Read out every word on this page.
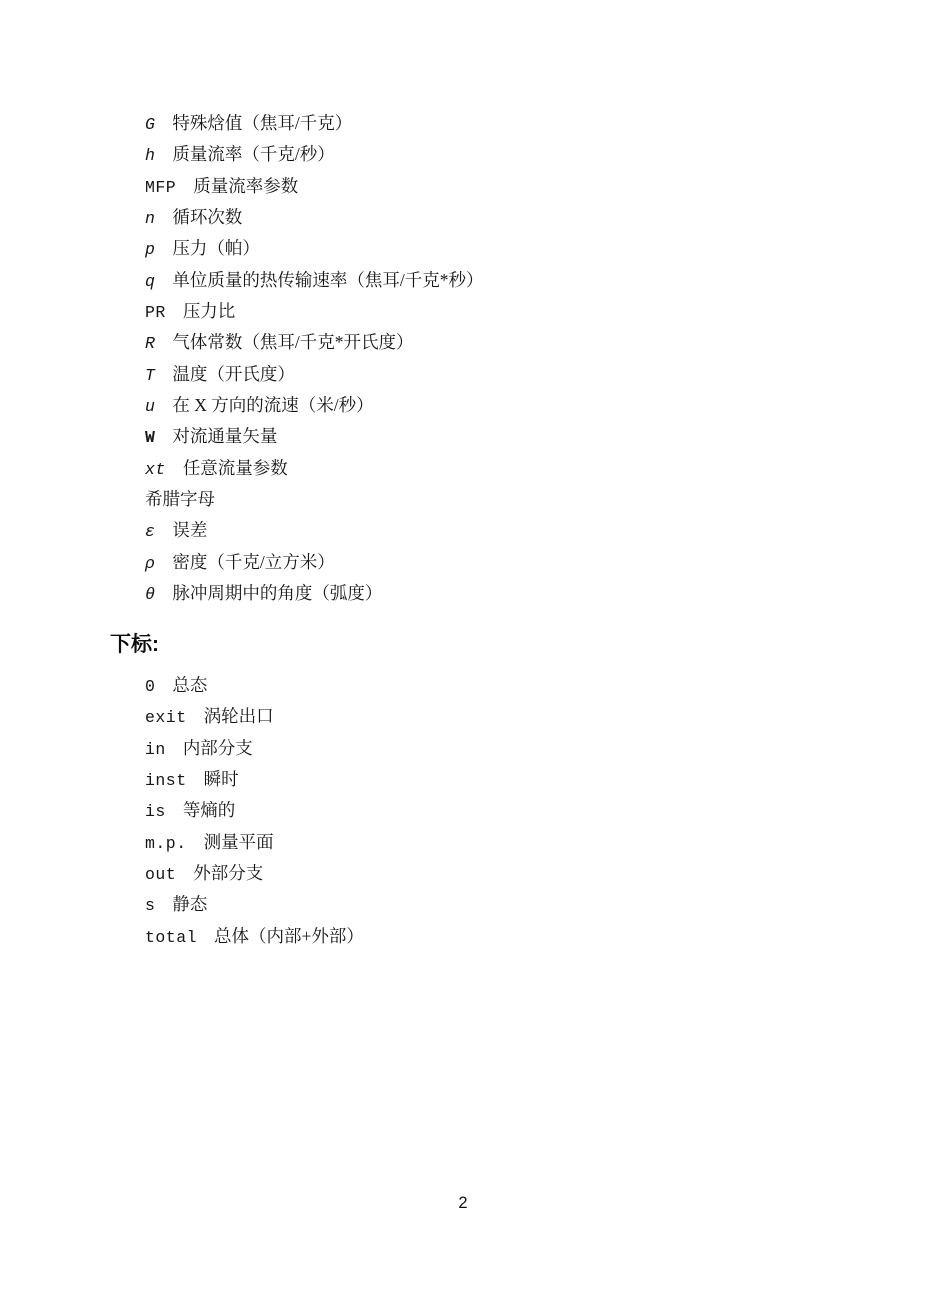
G 特殊焓值（焦耳/千克）
h 质量流率（千克/秒）
MFP 质量流率参数
n 循环次数
p 压力（帕）
q 单位质量的热传输速率（焦耳/千克*秒）
PR 压力比
R 气体常数（焦耳/千克*开氏度）
T 温度（开氏度）
u 在 X 方向的流速（米/秒）
W 对流通量矢量
xt 任意流量参数
希腊字母
ε 误差
ρ 密度（千克/立方米）
θ 脉冲周期中的角度（弧度）
下标:
0 总态
exit 涡轮出口
in 内部分支
inst 瞬时
is 等熵的
m.p. 测量平面
out 外部分支
s 静态
total 总体（内部+外部）
2
